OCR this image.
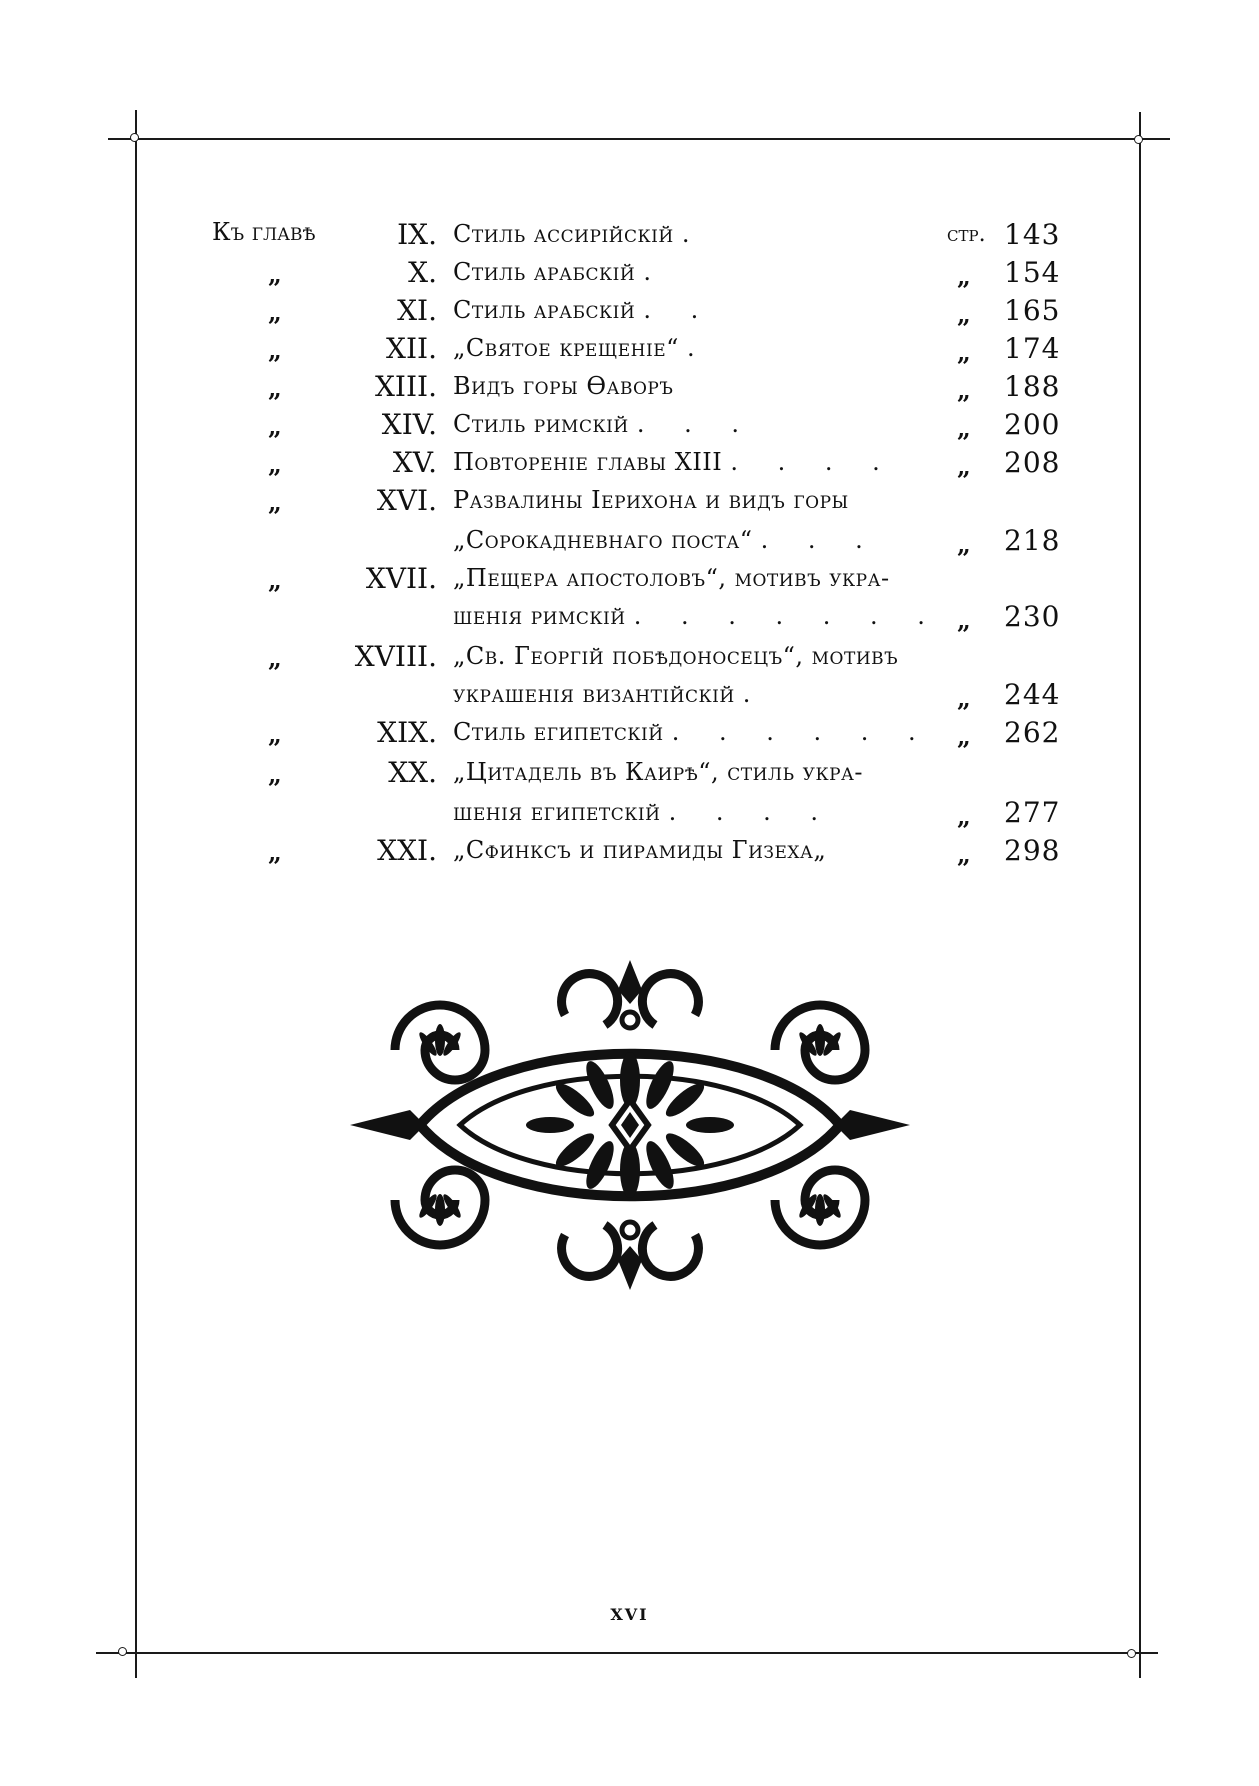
Къ главѣ	IX. Стиль ассирійскій .	стр. 143
„	X. Стиль арабскій .	„ 154
„	XI. Стиль арабскій . .	„ 165
„	XII. „Святое крещеніе“ .	„ 174
„	XIII. Видъ горы Ѳаворъ	„ 188
„	XIV. Стиль римскій . . .	„ 200
„	XV. Повтореніе главы XIII . . . .	„ 208
„	XVI. Развалины Іерихона и видъ горы
„Сорокадневнаго поста“ . . .	„ 218
„	XVII. „Пещера апостоловъ“, мотивъ укра-
шенія римскій . . . . . . . „ 230
„	XVIII. „Св. Георгій побѣдоносецъ“, мотивъ
украшенія византійскій .	„ 244
„	XIX. Стиль египетскій . . . . . . „ 262
„	XX. „Цитадель въ Каирѣ“, стиль укра-
шенія египетскій . . . .	„ 277
„	XXI. „Сфинксъ и пирамиды Гизеха„	„ 298
XVI
